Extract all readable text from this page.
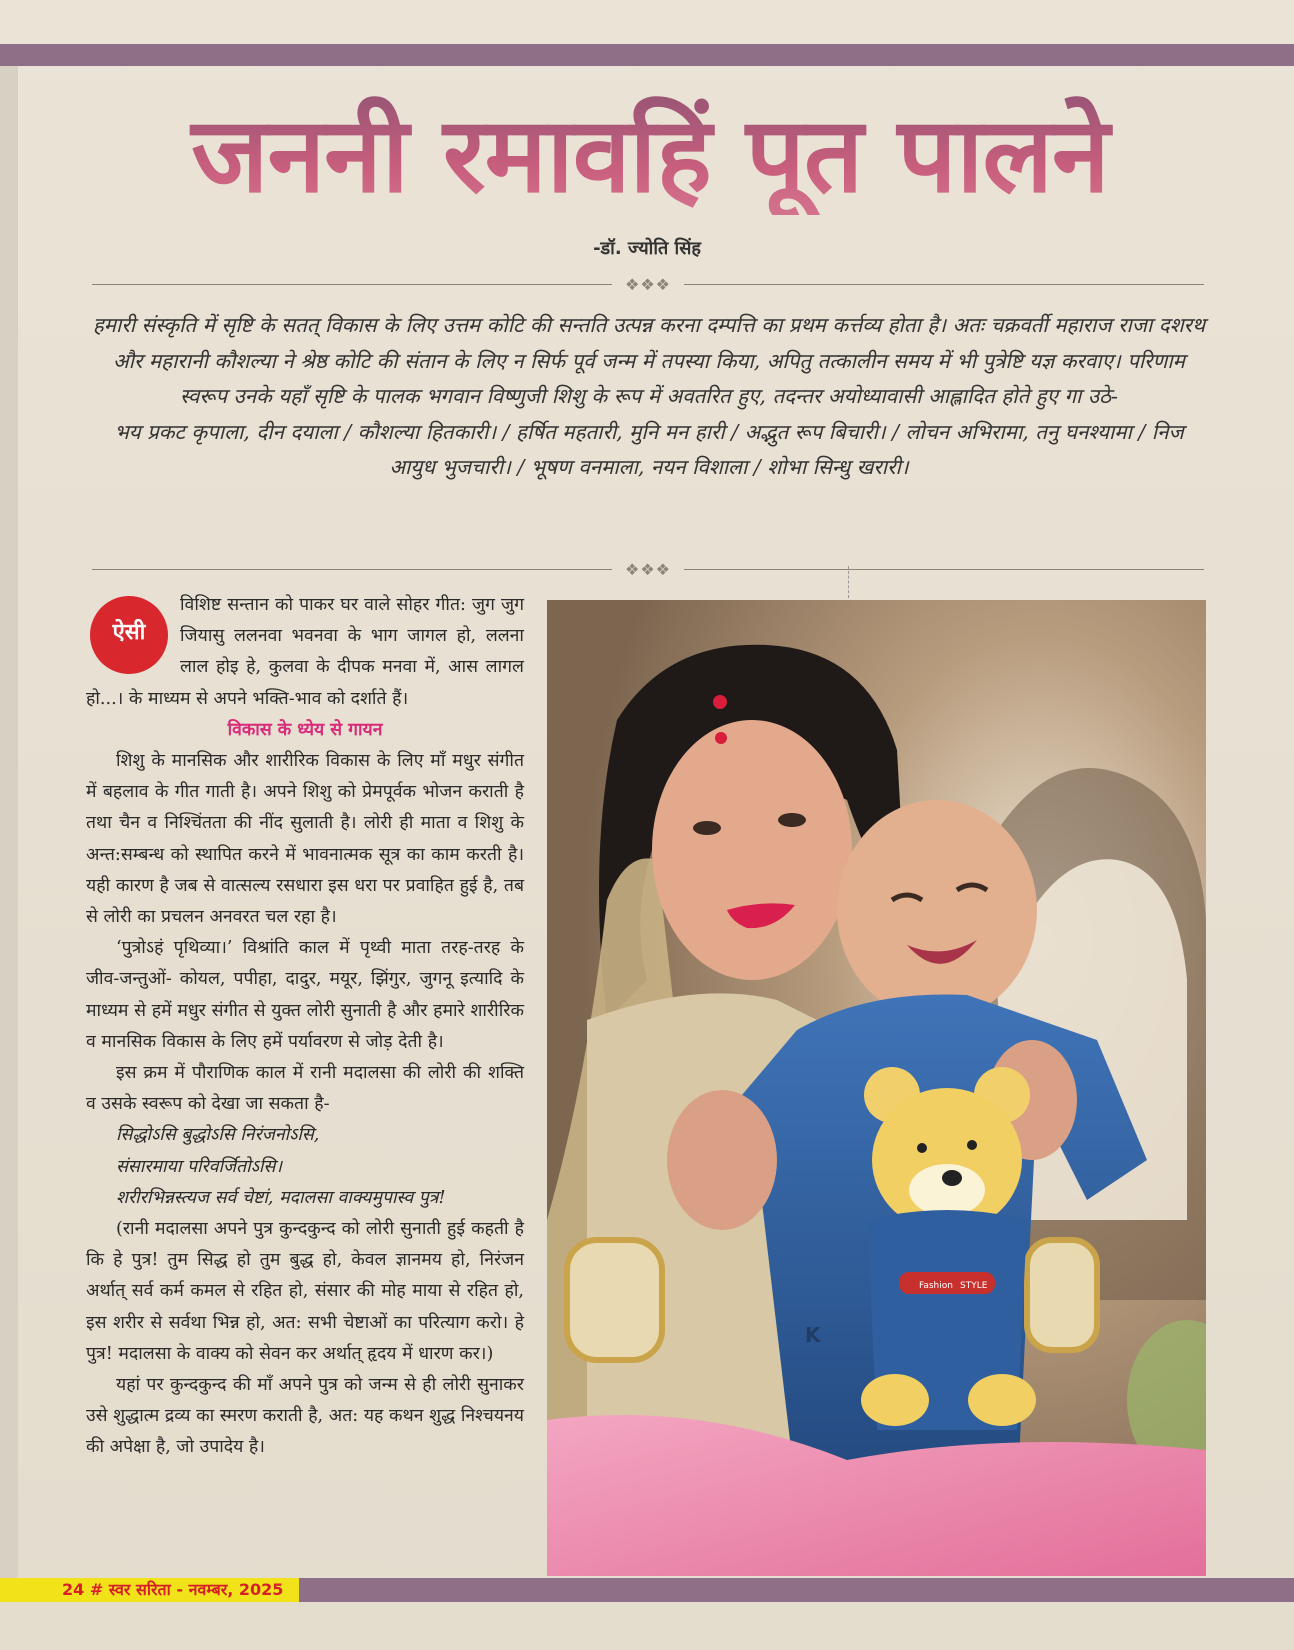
जननी रमावहिं पूत पालने
-डॉ. ज्योति सिंह
❖❖❖

हमारी संस्कृति में सृष्टि के सतत् विकास के लिए उत्तम कोटि की सन्तति उत्पन्न करना दम्पत्ति का प्रथम कर्त्तव्य होता है। अतः चक्रवर्ती महाराज राजा दशरथ और महारानी कौशल्या ने श्रेष्ठ कोटि की संतान के लिए न सिर्फ पूर्व जन्म में तपस्या किया, अपितु तत्कालीन समय में भी पुत्रेष्टि यज्ञ करवाए। परिणाम स्वरूप उनके यहाँ सृष्टि के पालक भगवान विष्णुजी शिशु के रूप में अवतरित हुए, तदन्तर अयोध्यावासी आह्लादित होते हुए गा उठे-

भय प्रकट कृपाला, दीन दयाला / कौशल्या हितकारी। / हर्षित महतारी, मुनि मन हारी / अद्भुत रूप बिचारी। / लोचन अभिरामा, तनु घनश्यामा / निज आयुध भुजचारी। / भूषण वनमाला, नयन विशाला / शोभा सिन्धु खरारी।

❖❖❖
ऐसी

विशिष्ट सन्तान को पाकर घर वाले सोहर गीत: जुग जुग जियासु ललनवा भवनवा के भाग जागल हो, ललना लाल होइ हे, कुलवा के दीपक मनवा में, आस लागल हो...। के माध्यम से अपने भक्ति-भाव को दर्शाते हैं।

विकास के ध्येय से गायन

शिशु के मानसिक और शारीरिक विकास के लिए माँ मधुर संगीत में बहलाव के गीत गाती है। अपने शिशु को प्रेमपूर्वक भोजन कराती है तथा चैन व निश्चिंतता की नींद सुलाती है। लोरी ही माता व शिशु के अन्त:सम्बन्ध को स्थापित करने में भावनात्मक सूत्र का काम करती है। यही कारण है जब से वात्सल्य रसधारा इस धरा पर प्रवाहित हुई है, तब से लोरी का प्रचलन अनवरत चल रहा है।

‘पुत्रोऽहं पृथिव्या।’ विश्रांति काल में पृथ्वी माता तरह-तरह के जीव-जन्तुओं- कोयल, पपीहा, दादुर, मयूर, झिंगुर, जुगनू इत्यादि के माध्यम से हमें मधुर संगीत से युक्त लोरी सुनाती है और हमारे शारीरिक व मानसिक विकास के लिए हमें पर्यावरण से जोड़ देती है।

इस क्रम में पौराणिक काल में रानी मदालसा की लोरी की शक्ति व उसके स्वरूप को देखा जा सकता है-

सिद्धोऽसि बुद्धोऽसि निरंजनोऽसि,

संसारमाया परिवर्जितोऽसि।

शरीरभिन्नस्त्यज सर्व चेष्टां, मदालसा वाक्यमुपास्व पुत्र!

(रानी मदालसा अपने पुत्र कुन्दकुन्द को लोरी सुनाती हुई कहती है कि हे पुत्र! तुम सिद्ध हो तुम बुद्ध हो, केवल ज्ञानमय हो, निरंजन अर्थात् सर्व कर्म कमल से रहित हो, संसार की मोह माया से रहित हो, इस शरीर से सर्वथा भिन्न हो, अत: सभी चेष्टाओं का परित्याग करो। हे पुत्र! मदालसा के वाक्य को सेवन कर अर्थात् हृदय में धारण कर।)

यहां पर कुन्दकुन्द की माँ अपने पुत्र को जन्म से ही लोरी सुनाकर उसे शुद्धात्म द्रव्य का स्मरण कराती है, अत: यह कथन शुद्ध निश्चयनय की अपेक्षा है, जो उपादेय है।

Fashion STYLE
K
24 # स्वर सरिता - नवम्बर, 2025
